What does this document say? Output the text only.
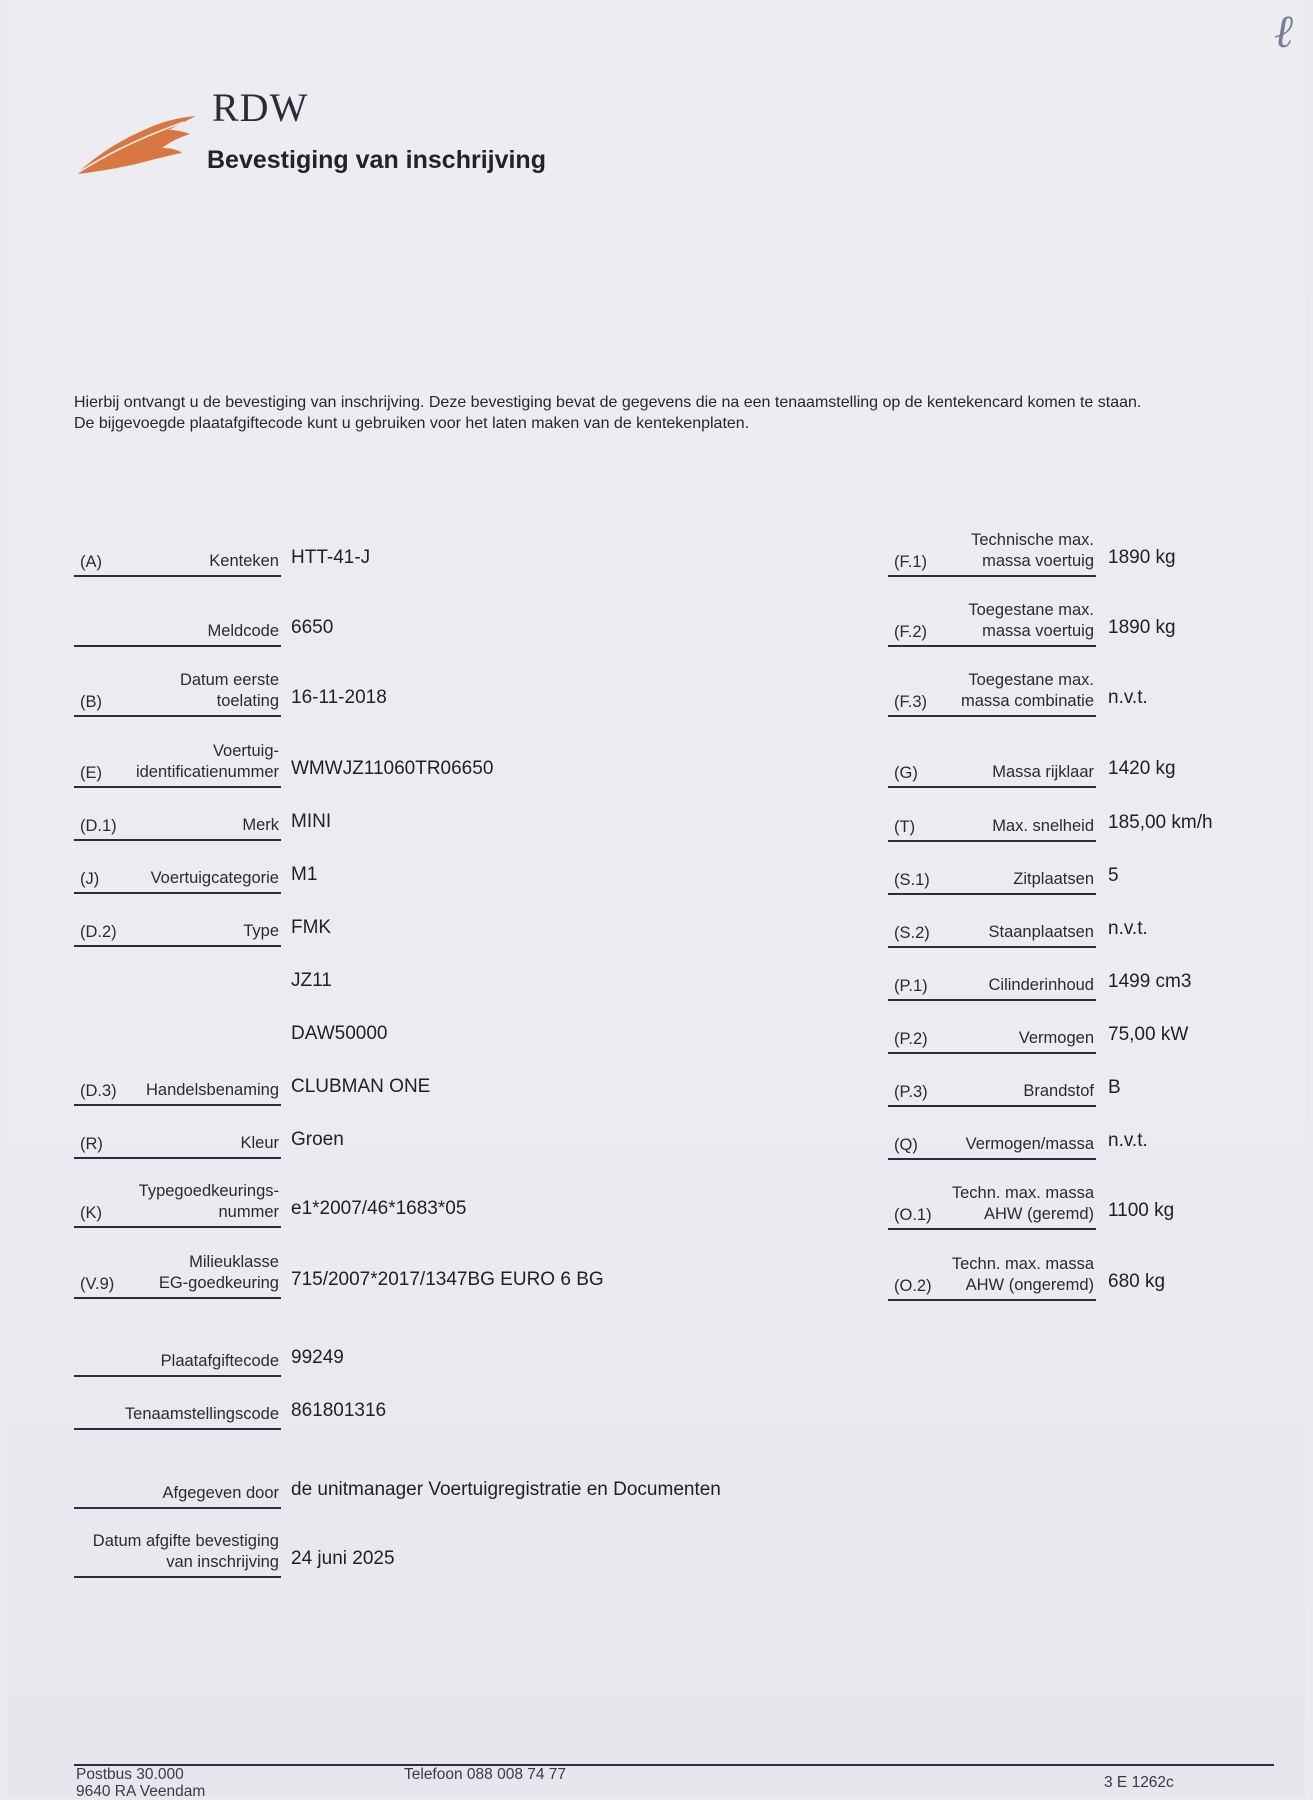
ℓ
RDW
Bevestiging van inschrijving
Hierbij ontvangt u de bevestiging van inschrijving. Deze bevestiging bevat de gegevens die na een tenaamstelling op de kentekencard komen te staan.
De bijgevoegde plaatafgiftecode kunt u gebruiken voor het laten maken van de kentekenplaten.
(A)	Kenteken HTT-41-J
Meldcode 6650
(B)
Datum eerste
toelating 16-11-2018
(E)
Voertuig-
identificatienummer WMWJZ11060TR06650
(D.1)	Merk MINI
(J)	Voertuigcategorie M1
(D.2)	Type FMK
JZ11
DAW50000
(D.3) Handelsbenaming CLUBMAN ONE
(R)	Kleur Groen
(K)
Typegoedkeurings-
nummer e1*2007/46*1683*05
(V.9)
Milieuklasse
EG-goedkeuring 715/2007*2017/1347BG EURO 6 BG
Plaatafgiftecode 99249
Tenaamstellingscode 861801316
Afgegeven door de unitmanager Voertuigregistratie en Documenten
Datum afgifte bevestiging
van inschrijving 24 juni 2025
(F.1)
Technische max.
massa voertuig 1890 kg
(F.2)
Toegestane max.
massa voertuig 1890 kg
(F.3)
Toegestane max.
massa combinatie n.v.t.
(G)	Massa rijklaar 1420 kg
(T)	Max. snelheid 185,00 km/h
(S.1)	Zitplaatsen 5
(S.2)	Staanplaatsen n.v.t.
(P.1)	Cilinderinhoud 1499 cm3
(P.2)	Vermogen 75,00 kW
(P.3)	Brandstof B
(Q)	Vermogen/massa n.v.t.
(O.1)
Techn. max. massa
AHW (geremd) 1100 kg
(O.2)
Techn. max. massa
AHW (ongeremd) 680 kg
Postbus 30.000
9640 RA Veendam
Telefoon 088 008 74 77	3 E 1262c
